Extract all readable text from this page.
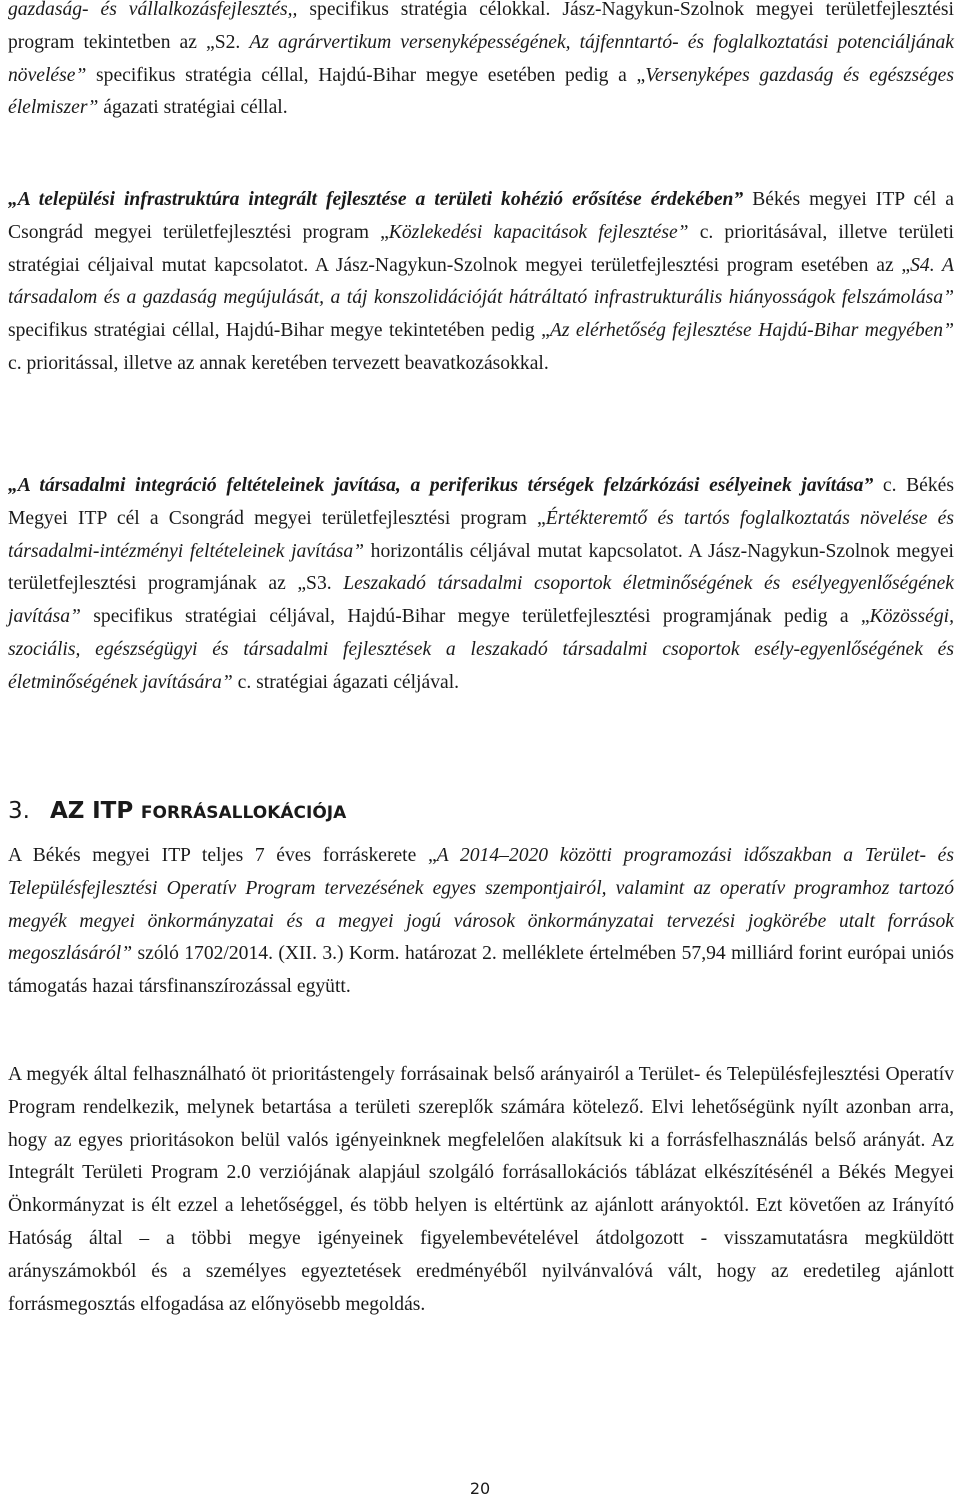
gazdaság- és vállalkozásfejlesztés,, specifikus stratégia célokkal. Jász-Nagykun-Szolnok megyei területfejlesztési program tekintetben az „S2. Az agrárvertikum versenyképességének, tájfenntartó- és foglalkoztatási potenciáljának növelése” specifikus stratégia céllal, Hajdú-Bihar megye esetében pedig a „Versenyképes gazdaság és egészséges élelmiszer” ágazati stratégiai céllal.

„A települési infrastruktúra integrált fejlesztése a területi kohézió erősítése érdekében” Békés megyei ITP cél a Csongrád megyei területfejlesztési program „Közlekedési kapacitások fejlesztése” c. prioritásával, illetve területi stratégiai céljaival mutat kapcsolatot. A Jász-Nagykun-Szolnok megyei területfejlesztési program esetében az „S4. A társadalom és a gazdaság megújulását, a táj konszolidációját hátráltató infrastrukturális hiányosságok felszámolása” specifikus stratégiai céllal, Hajdú-Bihar megye tekintetében pedig „Az elérhetőség fejlesztése Hajdú-Bihar megyében” c. prioritással, illetve az annak keretében tervezett beavatkozásokkal.

„A társadalmi integráció feltételeinek javítása, a periferikus térségek felzárkózási esélyeinek javítása” c. Békés Megyei ITP cél a Csongrád megyei területfejlesztési program „Értékteremtő és tartós foglalkoztatás növelése és társadalmi-intézményi feltételeinek javítása” horizontális céljával mutat kapcsolatot. A Jász-Nagykun-Szolnok megyei területfejlesztési programjának az „S3. Leszakadó társadalmi csoportok életminőségének és esélyegyenlőségének javítása” specifikus stratégiai céljával, Hajdú-Bihar megye területfejlesztési programjának pedig a „Közösségi, szociális, egészségügyi és társadalmi fejlesztések a leszakadó társadalmi csoportok esély-egyenlőségének és életminőségének javítására” c. stratégiai ágazati céljával.

3. AZ ITP FORRÁSALLOKÁCIÓJA

A Békés megyei ITP teljes 7 éves forráskerete „A 2014–2020 közötti programozási időszakban a Terület- és Településfejlesztési Operatív Program tervezésének egyes szempontjairól, valamint az operatív programhoz tartozó megyék megyei önkormányzatai és a megyei jogú városok önkormányzatai tervezési jogkörébe utalt források megoszlásáról” szóló 1702/2014. (XII. 3.) Korm. határozat 2. melléklete értelmében 57,94 milliárd forint európai uniós támogatás hazai társfinanszírozással együtt.

A megyék által felhasználható öt prioritástengely forrásainak belső arányairól a Terület- és Településfejlesztési Operatív Program rendelkezik, melynek betartása a területi szereplők számára kötelező. Elvi lehetőségünk nyílt azonban arra, hogy az egyes prioritásokon belül valós igényeinknek megfelelően alakítsuk ki a forrásfelhasználás belső arányát. Az Integrált Területi Program 2.0 verziójának alapjául szolgáló forrásallokációs táblázat elkészítésénél a Békés Megyei Önkormányzat is élt ezzel a lehetőséggel, és több helyen is eltértünk az ajánlott arányoktól. Ezt követően az Irányító Hatóság által – a többi megye igényeinek figyelembevételével átdolgozott - visszamutatásra megküldött arányszámokból és a személyes egyeztetések eredményéből nyilvánvalóvá vált, hogy az eredetileg ajánlott forrásmegosztás elfogadása az előnyösebb megoldás.

20
